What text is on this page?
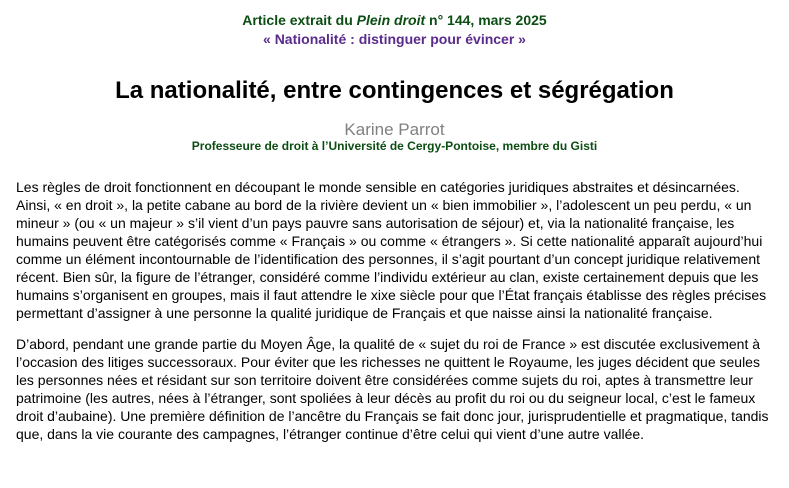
Article extrait du Plein droit n° 144, mars 2025
« Nationalité : distinguer pour évincer »
La nationalité, entre contingences et ségrégation
Karine Parrot
Professeure de droit à l’Université de Cergy-Pontoise, membre du Gisti

Les règles de droit fonctionnent en découpant le monde sensible en catégories juridiques abstraites et désincarnées. Ainsi, « en droit », la petite cabane au bord de la rivière devient un « bien immobilier », l’adolescent un peu perdu, « un mineur » (ou « un majeur » s’il vient d’un pays pauvre sans autorisation de séjour) et, via la nationalité française, les humains peuvent être catégorisés comme « Français » ou comme « étrangers ». Si cette nationalité apparaît aujourd’hui comme un élément incontournable de l’identification des personnes, il s’agit pourtant d’un concept juridique relativement récent. Bien sûr, la figure de l’étranger, considéré comme l’individu extérieur au clan, existe certainement depuis que les humains s’organisent en groupes, mais il faut attendre le xixe siècle pour que l’État français établisse des règles précises permettant d’assigner à une personne la qualité juridique de Français et que naisse ainsi la nationalité française.

D’abord, pendant une grande partie du Moyen Âge, la qualité de « sujet du roi de France » est discutée exclusivement à l’occasion des litiges successoraux. Pour éviter que les richesses ne quittent le Royaume, les juges décident que seules les personnes nées et résidant sur son territoire doivent être considérées comme sujets du roi, aptes à transmettre leur patrimoine (les autres, nées à l’étranger, sont spoliées à leur décès au profit du roi ou du seigneur local, c’est le fameux droit d’aubaine). Une première définition de l’ancêtre du Français se fait donc jour, jurisprudentielle et pragmatique, tandis que, dans la vie courante des campagnes, l’étranger continue d’être celui qui vient d’une autre vallée.
